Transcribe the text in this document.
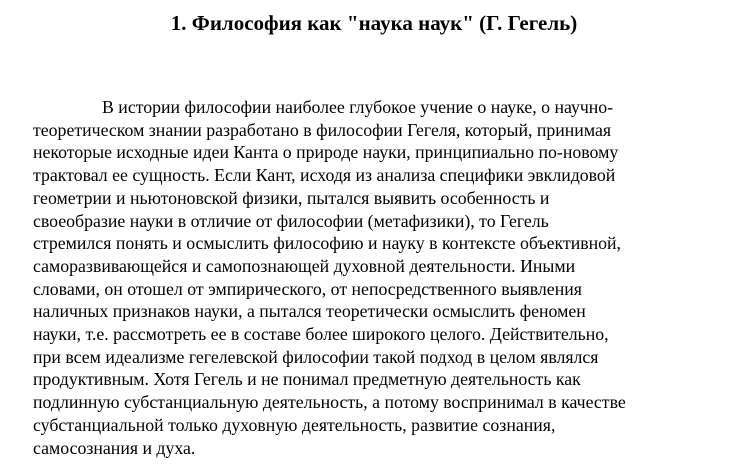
1. Философия как "наука наук" (Г. Гегель)
В истории философии наиболее глубокое учение о науке, о научно-
теоретическом знании разработано в философии Гегеля, который, принимая
некоторые исходные идеи Канта о природе науки, принципиально по-новому
трактовал ее сущность. Если Кант, исходя из анализа специфики эвклидовой
геометрии и ньютоновской физики, пытался выявить особенность и
своеобразие науки в отличие от философии (метафизики), то Гегель
стремился понять и осмыслить философию и науку в контексте объективной,
саморазвивающейся и самопознающей духовной деятельности. Иными
словами, он отошел от эмпирического, от непосредственного выявления
наличных признаков науки, а пытался теоретически осмыслить феномен
науки, т.е. рассмотреть ее в составе более широкого целого. Действительно,
при всем идеализме гегелевской философии такой подход в целом являлся
продуктивным. Хотя Гегель и не понимал предметную деятельность как
подлинную субстанциальную деятельность, а потому воспринимал в качестве
субстанциальной только духовную деятельность, развитие сознания,
самосознания и духа.
